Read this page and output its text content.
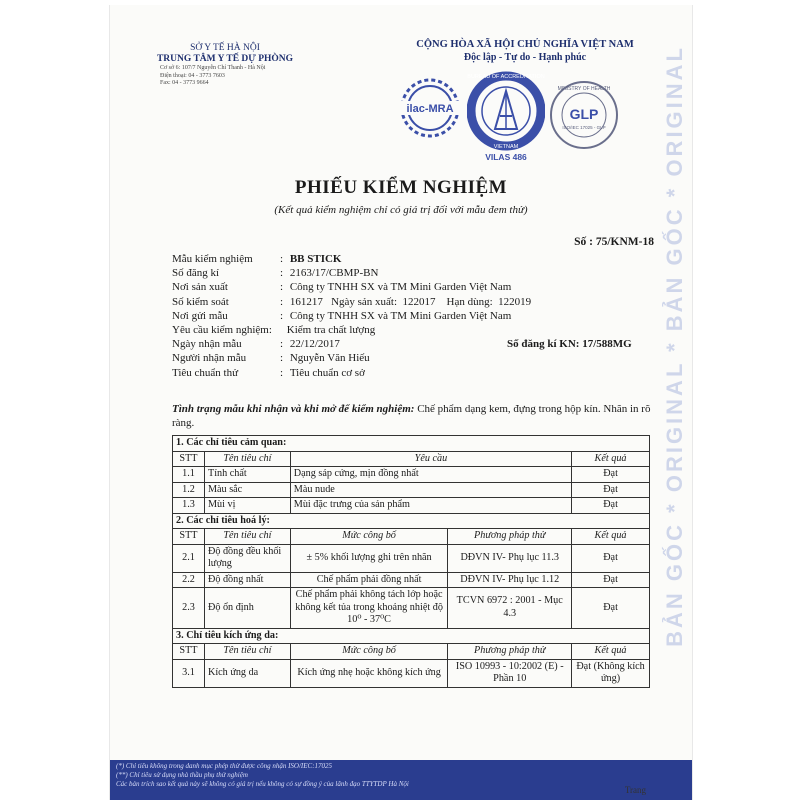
SỞ Y TẾ HÀ NỘI
TRUNG TÂM Y TẾ DỰ PHÒNG
Cơ sở 6: 107/7 Nguyễn Chí Thanh - Hà Nội
Điện thoại: 04 - 3773 7603
Fax: 04 - 3773 9664
CỘNG HÒA XÃ HỘI CHỦ NGHĨA VIỆT NAM
Độc lập - Tự do - Hạnh phúc
ilac-MRA
BUREAU OF ACCREDITATION
VIETNAM
VILAS 486
MINISTRY OF HEALTH
GLP
ISO/IEC 17025 - GLP
PHIẾU KIỂM NGHIỆM
(Kết quả kiểm nghiệm chỉ có giá trị đối với mẫu đem thử)
Số : 75/KNM-18
Mẫu kiểm nghiệm : BB STICK
Số đăng kí	: 2163/17/CBMP-BN
Nơi sản xuất	: Công ty TNHH SX và TM Mini Garden Việt Nam
Số kiểm soát	: 161217   Ngày sản xuất:  122017    Hạn dùng:  122019
Nơi gửi mẫu	: Công ty TNHH SX và TM Mini Garden Việt Nam
Yêu cầu kiểm nghiệm: Kiểm tra chất lượng
Ngày nhận mẫu	: 22/12/2017	Số đăng kí KN: 17/588MG
Người nhận mẫu	: Nguyễn Văn Hiếu
Tiêu chuẩn thử	: Tiêu chuẩn cơ sở
Tình trạng mẫu khi nhận và khi mở để kiểm nghiệm: Chế phẩm dạng kem, đựng trong hộp kín. Nhãn in rõ ràng.
1. Các chỉ tiêu cảm quan:				
STT	Tên tiêu chí	Yêu cầu		Kết quả
1.1	Tính chất	Dạng sáp cứng, mịn đồng nhất		Đạt
1.2	Màu sắc	Màu nude		Đạt
1.3	Mùi vị	Mùi đặc trưng của sản phẩm		Đạt
2. Các chỉ tiêu hoá lý:				
STT	Tên tiêu chí	Mức công bố	Phương pháp thử	Kết quả
2.1	Độ đồng đều khối lượng	± 5% khối lượng ghi trên nhãn	DĐVN IV- Phụ lục 11.3	Đạt
2.2	Độ đồng nhất	Chế phẩm phải đồng nhất	DĐVN IV- Phụ lục 1.12	Đạt
2.3	Độ ổn định	Chế phẩm phải không tách lớp hoặc không kết tủa trong khoảng nhiệt độ 10⁰ - 37⁰C	TCVN 6972 : 2001 - Mục 4.3	Đạt
3. Chỉ tiêu kích ứng da:				
STT	Tên tiêu chí	Mức công bố	Phương pháp thử	Kết quả
3.1	Kích ứng da	Kích ứng nhẹ hoặc không kích ứng	ISO 10993 - 10:2002 (E) - Phần 10	Đạt (Không kích ứng)
BẢN GỐC * ORIGINAL * BẢN GỐC * ORIGINAL
(*) Chỉ tiêu không trong danh mục phép thử được công nhận ISO/IEC:17025
(**) Chỉ tiêu sử dụng nhà thầu phụ thử nghiệm
Các bản trích sao kết quả này sẽ không có giá trị nếu không có sự đồng ý của lãnh đạo TTYTDP Hà Nội
Trang
